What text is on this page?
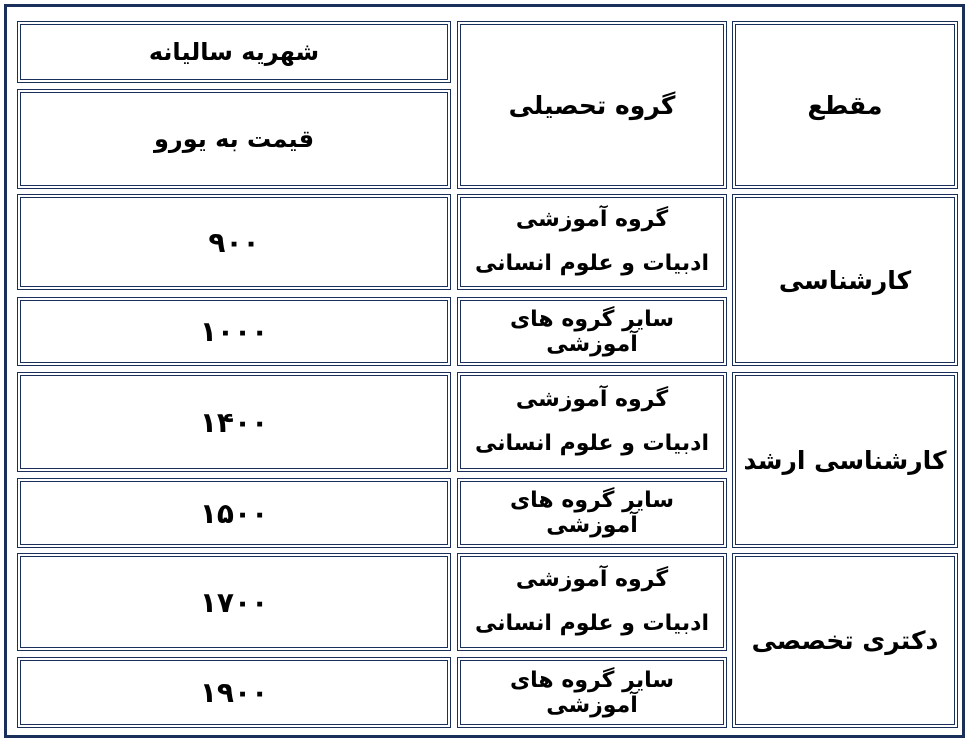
مقطع
گروه تحصیلی
شهریه سالیانه
قیمت به یورو
کارشناسی
گروه آموزشی
ادبیات و علوم انسانی
۹۰۰
سایر گروه های آموزشی
۱۰۰۰
کارشناسی ارشد
گروه آموزشی
ادبیات و علوم انسانی
۱۴۰۰
سایر گروه های آموزشی
۱۵۰۰
دکتری تخصصی
گروه آموزشی
ادبیات و علوم انسانی
۱۷۰۰
سایر گروه های آموزشی
۱۹۰۰
